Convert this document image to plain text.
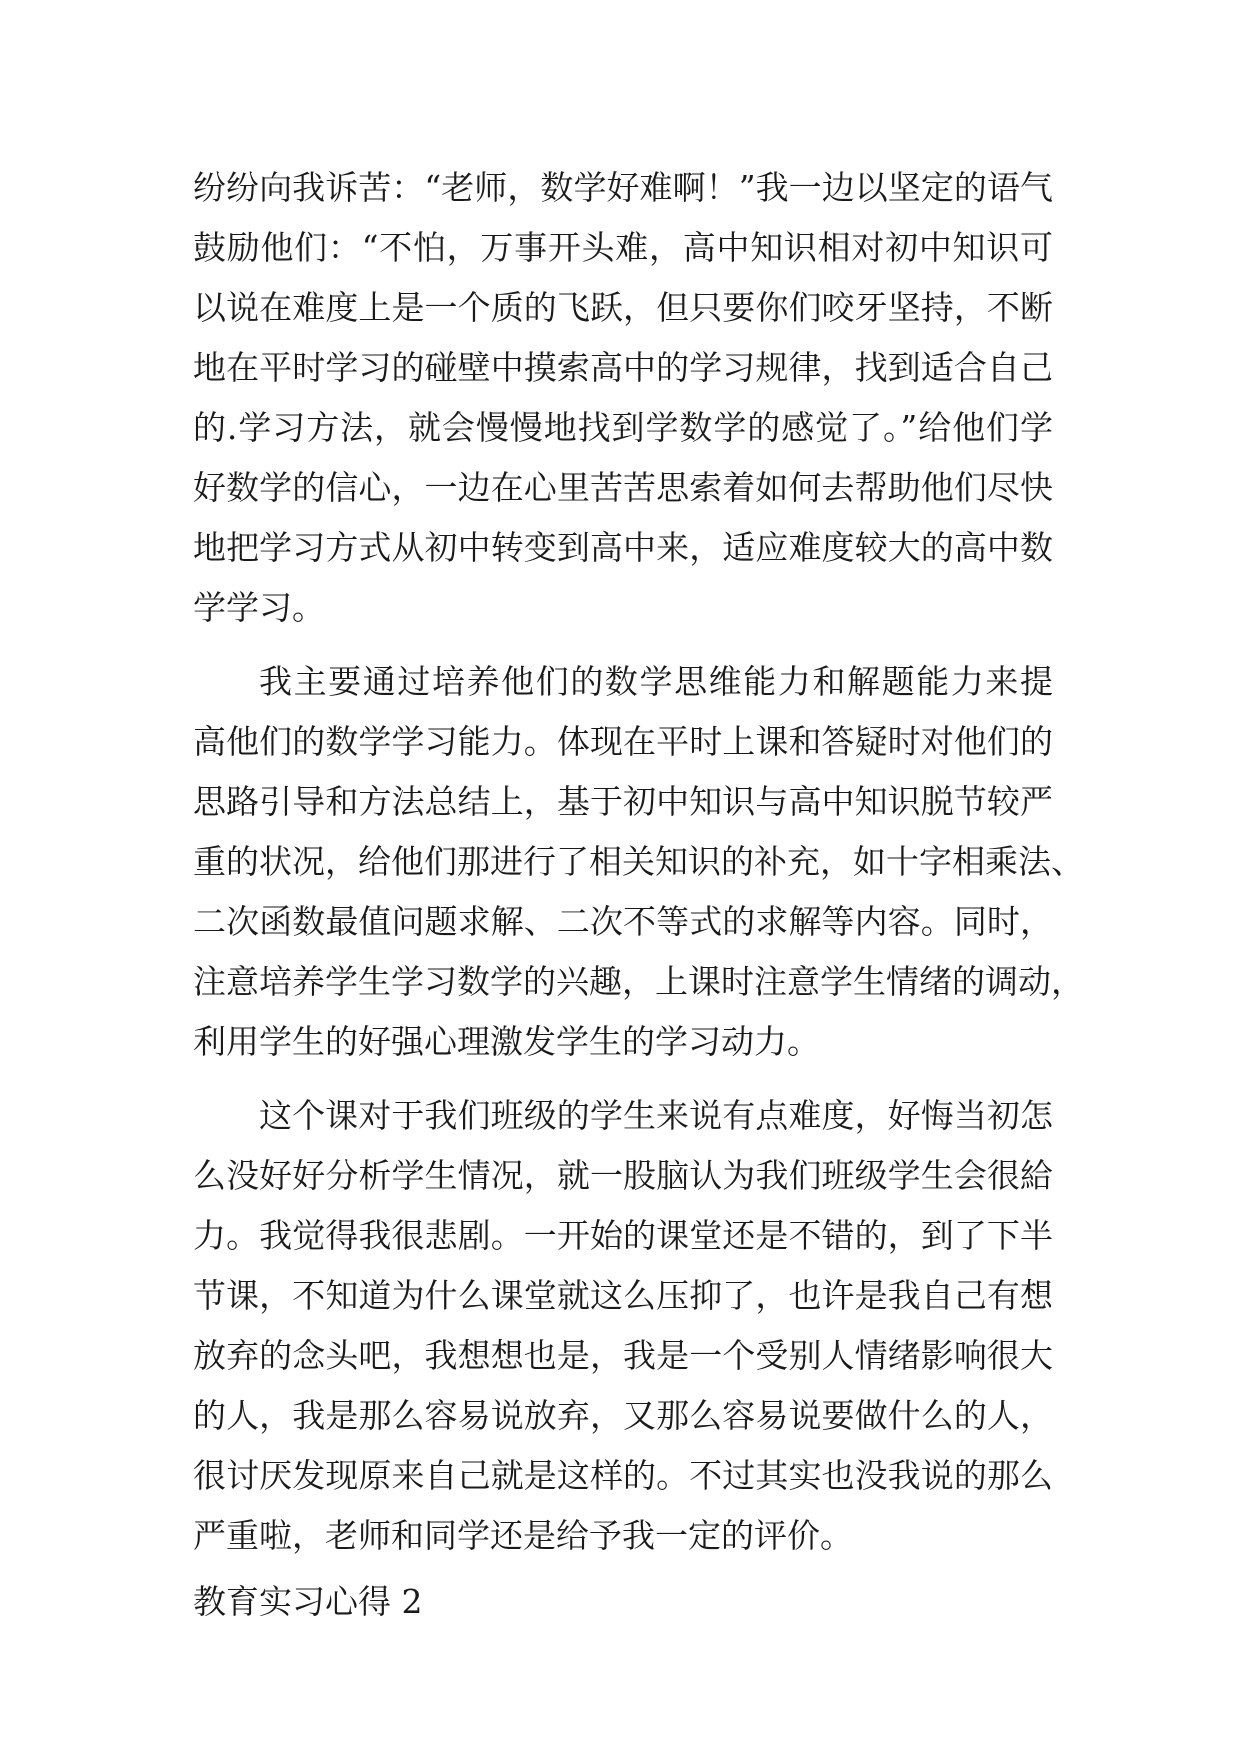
纷纷向我诉苦：“老师，数学好难啊！”我一边以坚定的语气
鼓励他们：“不怕，万事开头难，高中知识相对初中知识可
以说在难度上是一个质的飞跃，但只要你们咬牙坚持，不断
地在平时学习的碰壁中摸索高中的学习规律，找到适合自己
的.学习方法，就会慢慢地找到学数学的感觉了。”给他们学
好数学的信心，一边在心里苦苦思索着如何去帮助他们尽快
地把学习方式从初中转变到高中来，适应难度较大的高中数
学学习。
我主要通过培养他们的数学思维能力和解题能力来提
高他们的数学学习能力。体现在平时上课和答疑时对他们的
思路引导和方法总结上，基于初中知识与高中知识脱节较严
重的状况，给他们那进行了相关知识的补充，如十字相乘法、
二次函数最值问题求解、二次不等式的求解等内容。同时，
注意培养学生学习数学的兴趣，上课时注意学生情绪的调动，
利用学生的好强心理激发学生的学习动力。
这个课对于我们班级的学生来说有点难度，好悔当初怎
么没好好分析学生情况，就一股脑认为我们班级学生会很給
力。我觉得我很悲剧。一开始的课堂还是不错的，到了下半
节课，不知道为什么课堂就这么压抑了，也许是我自己有想
放弃的念头吧，我想想也是，我是一个受别人情绪影响很大
的人，我是那么容易说放弃，又那么容易说要做什么的人，
很讨厌发现原来自己就是这样的。不过其实也没我说的那么
严重啦，老师和同学还是给予我一定的评价。
教育实习心得 2
